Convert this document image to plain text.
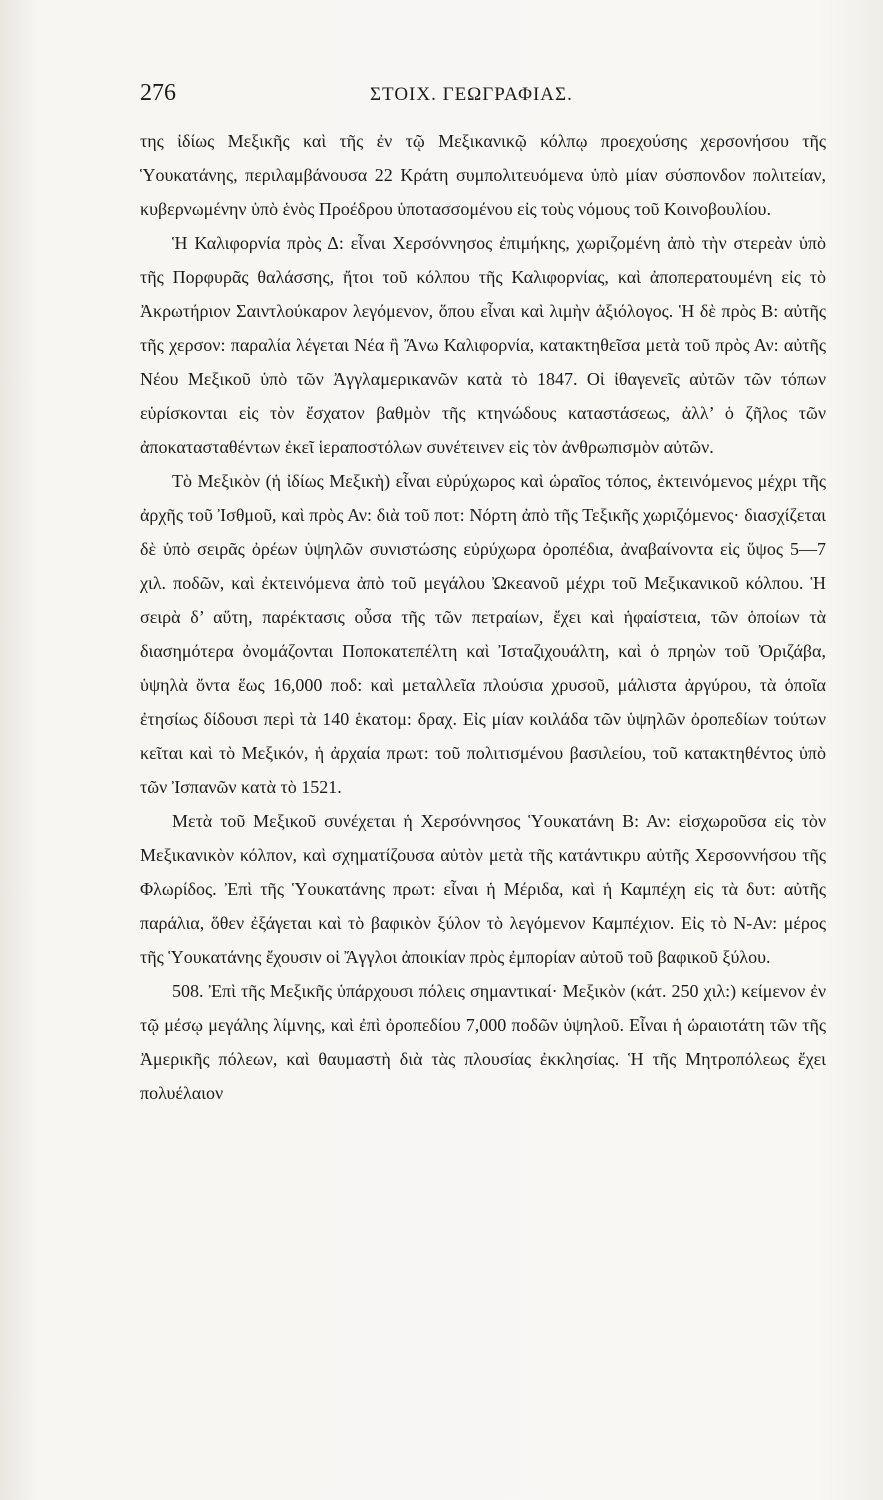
276	ΣΤΟΙΧ. ΓΕΩΓΡΑΦΙΑΣ.

της ἰδίως Μεξικῆς καὶ τῆς ἐν τῷ Μεξικανικῷ κόλπῳ προεχούσης χερσονήσου τῆς Ὑουκατάνης, περιλαμβάνουσα 22 Κράτη συμπολιτευόμενα ὑπὸ μίαν σύσπονδον πολιτείαν, κυβερνωμένην ὑπὸ ἑνὸς Προέδρου ὑποτασσομένου εἰς τοὺς νόμους τοῦ Κοινοβουλίου.

Ἡ Καλιφορνία πρὸς Δ: εἶναι Χερσόννησος ἐπιμήκης, χωριζομένη ἀπὸ τὴν στερεὰν ὑπὸ τῆς Πορφυρᾶς θαλάσσης, ἤτοι τοῦ κόλπου τῆς Καλιφορνίας, καὶ ἀποπερατουμένη εἰς τὸ Ἀκρωτήριον Σαιντλούκαρον λεγόμενον, ὅπου εἶναι καὶ λιμὴν ἀξιόλογος. Ἡ δὲ πρὸς Β: αὐτῆς τῆς χερσον: παραλία λέγεται Νέα ἢ Ἄνω Καλιφορνία, κατακτηθεῖσα μετὰ τοῦ πρὸς Αν: αὐτῆς Νέου Μεξικοῦ ὑπὸ τῶν Ἀγγλαμερικανῶν κατὰ τὸ 1847. Οἱ ἰθαγενεῖς αὐτῶν τῶν τόπων εὑρίσκονται εἰς τὸν ἔσχατον βαθμὸν τῆς κτηνώδους καταστάσεως, ἀλλ’ ὁ ζῆλος τῶν ἀποκατασταθέντων ἐκεῖ ἱεραποστόλων συνέτεινεν εἰς τὸν ἀνθρωπισμὸν αὐτῶν.

Τὸ Μεξικὸν (ἡ ἰδίως Μεξικὴ) εἶναι εὐρύχωρος καὶ ὡραῖος τόπος, ἐκτεινόμενος μέχρι τῆς ἀρχῆς τοῦ Ἰσθμοῦ, καὶ πρὸς Αν: διὰ τοῦ ποτ: Νόρτη ἀπὸ τῆς Τεξικῆς χωριζόμενος· διασχίζεται δὲ ὑπὸ σειρᾶς ὀρέων ὑψηλῶν συνιστώσης εὐρύχωρα ὀροπέδια, ἀναβαίνοντα εἰς ὕψος 5—7 χιλ. ποδῶν, καὶ ἐκτεινόμενα ἀπὸ τοῦ μεγάλου Ὠκεανοῦ μέχρι τοῦ Μεξικανικοῦ κόλπου. Ἡ σειρὰ δ’ αὕτη, παρέκτασις οὖσα τῆς τῶν πετραίων, ἔχει καὶ ἡφαίστεια, τῶν ὁποίων τὰ διασημότερα ὀνομάζονται Ποποκατεπέλτη καὶ Ἰσταζιχουάλτη, καὶ ὁ πρηὼν τοῦ Ὀριζάβα, ὑψηλὰ ὄντα ἕως 16,000 ποδ: καὶ μεταλλεῖα πλούσια χρυσοῦ, μάλιστα ἀργύρου, τὰ ὁποῖα ἐτησίως δίδουσι περὶ τὰ 140 ἑκατομ: δραχ. Εἰς μίαν κοιλάδα τῶν ὑψηλῶν ὀροπεδίων τούτων κεῖται καὶ τὸ Μεξικόν, ἡ ἀρχαία πρωτ: τοῦ πολιτισμένου βασιλείου, τοῦ κατακτηθέντος ὑπὸ τῶν Ἰσπανῶν κατὰ τὸ 1521.

Μετὰ τοῦ Μεξικοῦ συνέχεται ἡ Χερσόννησος Ὑουκατάνη Β: Αν: εἰσχωροῦσα εἰς τὸν Μεξικανικὸν κόλπον, καὶ σχηματίζουσα αὐτὸν μετὰ τῆς κατάντικρυ αὐτῆς Χερσοννήσου τῆς Φλωρίδος. Ἐπὶ τῆς Ὑουκατάνης πρωτ: εἶναι ἡ Μέριδα, καὶ ἡ Καμπέχη εἰς τὰ δυτ: αὐτῆς παράλια, ὅθεν ἐξάγεται καὶ τὸ βαφικὸν ξύλον τὸ λεγόμενον Καμπέχιον. Εἰς τὸ Ν-Αν: μέρος τῆς Ὑουκατάνης ἔχουσιν οἱ Ἄγγλοι ἀποικίαν πρὸς ἐμπορίαν αὐτοῦ τοῦ βαφικοῦ ξύλου.

508. Ἐπὶ τῆς Μεξικῆς ὑπάρχουσι πόλεις σημαντικαί· Μεξικὸν (κάτ. 250 χιλ:) κείμενον ἐν τῷ μέσῳ μεγάλης λίμνης, καὶ ἐπὶ ὀροπεδίου 7,000 ποδῶν ὑψηλοῦ. Εἶναι ἡ ὡραιοτάτη τῶν τῆς Ἀμερικῆς πόλεων, καὶ θαυμαστὴ διὰ τὰς πλουσίας ἐκκλησίας. Ἡ τῆς Μητροπόλεως ἔχει πολυέλαιον
